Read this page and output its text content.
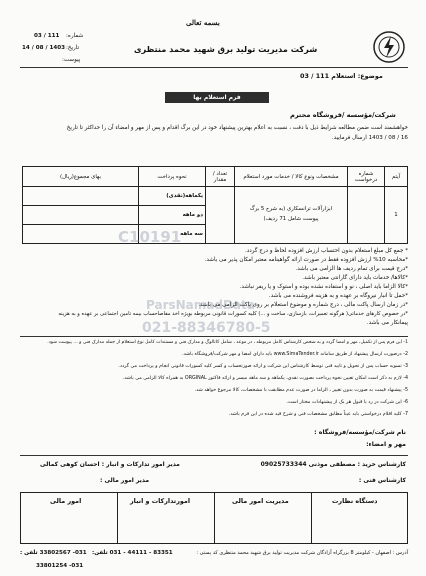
بسمه تعالی
شماره:
111 / 03
تاریخ:
1403 / 08 / 14
پیوست:
شرکت مدیریت تولید برق شهید محمد منتظری
موضوع: استعلام 111 / 03
فرم استعلام بها
شرکت/مؤسسه /فروشگاه محترم
خواهشمند است ضمن مطالعه شرایط ذیل با دقت ، نسبت به اعلام بهترین پیشنهاد خود در این برگ اقدام و پس از مهر و امضاء آن را حداکثر تا تاریخ
16 / 08 / 1403 ارسال فرمایید.
آیتم	شماره درخواست	مشخصات ونوع کالا / خدمات مورد استعلام	تعداد / مقدار	نحوه پرداخت	بهای مجموع(ریال)
1		ابزارآلات ترانسکاری (به شرح 5 برگ
پیوست شامل 71 ردیف)		یکماهه(نقدی)	
				دو ماهه	
				سه ماهه	
C10191
ParsNamadData
021-88346780-5
* جمع کل مبلغ استعلام بدون احتساب ارزش افزوده لحاظ و درج گردد.
*محاسبه 10% ارزش افزوده فقط در صورت ارائه گواهینامه معتبر امکان پذیر می باشد.
*درج قیمت برای تمام ردیف ها الزامی می باشد.
*کالاها/ خدمات باید دارای گارانتی معتبر باشد.
*کالا الزاما باید اصلی ، نو و استفاده نشده بوده و استوک و یا ریفر نباشد.
*حمل تا انبار نیروگاه بر عهده و به هزینه فروشنده می باشد.
*در زمان ارسال پاکت مالی ، درج شماره و موضوع استعلام بر روی پاکت الزامی می باشد.
*در خصوص کارهای خدماتی( هرگونه تعمیرات، بازسازی، ساخت و ...) کلیه کسورات قانونی مربوطه بویژه اخذ مفاصاحساب بیمه تامین اجتماعی بر عهده و به هزینه
پیمانکار می باشد.
1- این فرم پس از تکمیل، مهر و امضا گردد و به شخص کارشناس کامل مربوطه ، در موعد ، شامل کاتالوگ و مدارک فنی و مستندات کامل نوع استعلام از جمله مدارک فنی و ... پیوست شود.
2- درصورت ارسال پیشنهاد از طریق سامانه www.SimaTender.ir باید دارای امضا و مهر شرکت/فروشگاه باشد.
3- تسویه حساب پس از تحویل و تایید فنی توسط کارشناس این شرکت و ارائه صورتحساب و کسر کلیه کسورات قانونی انجام و پرداخت می گردد.
4- لازم به ذکر است امکان تعیین نحوه پرداخت بصورت نقدی، یکماهه و سه ماهه میسر و ارائه فاکتور ORGINAL به همراه کالا الزامی می باشد.
5- پیشنهاد قیمت به صورت بدون تغییر ، الزاما در صورت عدم مطابقت با مشخصات، کالا مرجوع خواهد شد.
6- این شرکت در رد یا قبول هر یک از پیشنهادات مختار است.
7- کلیه اقلام درخواستی باید عیناً مطابق مشخصات فنی و شرح قید شده در این فرم باشد.
نام شرکت/مؤسسه/فروشگاه :
مهر و امضاء:
کارشناس خرید : مصطفی موذنی 09025733344
مدیر امور تدارکات و انبار : احسان کوهی کمالی
کارشناس فنی :
مدیر امور مالی :
دستگاه نظارت
مدیریت امور مالی
امورتدارکات و انبار
امور مالی
آدرس : اصفهان - کیلومتر 8 بزرگراه آزادگان شرکت مدیریت تولید برق شهید محمد منتظری کد پستی :
83351 - 44111 - 031 تلفن:
031- 33802567 تلفن :
031- 33801254
